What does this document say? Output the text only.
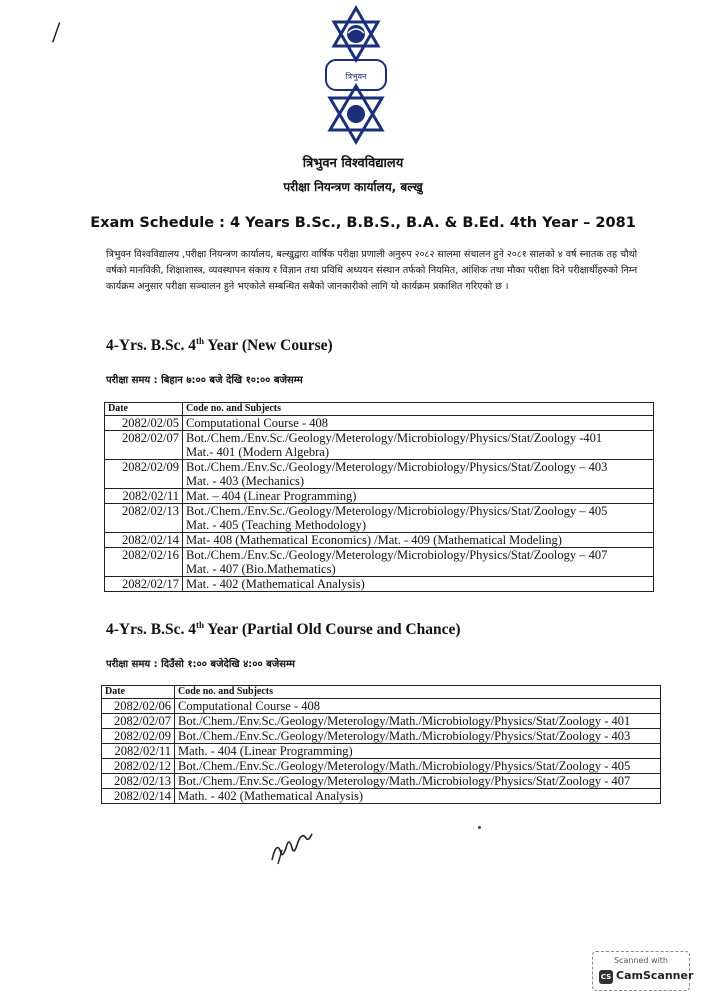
/
त्रिभुवन
त्रिभुवन विश्वविद्यालय
परीक्षा नियन्त्रण कार्यालय, बल्खु
Exam Schedule : 4 Years B.Sc., B.B.S., B.A. & B.Ed. 4th Year – 2081
त्रिभुवन विश्वविद्यालय ,परीक्षा नियन्त्रण कार्यालय, बल्खुद्वारा वार्षिक परीक्षा प्रणाली अनुरुप २०८२ सालमा संचालन हुने २०८१ सालको ४ वर्ष स्नातक तह चौथो वर्षको मानविकी, शिक्षाशास्त्र, व्यवस्थापन संकाय र विज्ञान तथा प्रविधि अध्ययन संस्थान तर्फको नियमित, आंशिक तथा मौका परीक्षा दिने परीक्षार्थीहरुको निम्न कार्यक्रम अनुसार परीक्षा सञ्चालन हुने भएकोले सम्बन्धित सबैको जानकारीको लागि यो कार्यक्रम प्रकाशित गरिएको छ ।
4-Yrs. B.Sc. 4th Year (New Course)
परीक्षा समय : बिहान ७:०० बजे देखि १०:०० बजेसम्म
Date	Code no. and Subjects
2082/02/05	Computational Course - 408

2082/02/07	Bot./Chem./Env.Sc./Geology/Meterology/Microbiology/Physics/Stat/Zoology -401
Mat.- 401 (Modern Algebra)

2082/02/09	Bot./Chem./Env.Sc./Geology/Meterology/Microbiology/Physics/Stat/Zoology – 403
Mat. - 403 (Mechanics)

2082/02/11	Mat. – 404 (Linear Programming)

2082/02/13	Bot./Chem./Env.Sc./Geology/Meterology/Microbiology/Physics/Stat/Zoology – 405
Mat. - 405 (Teaching Methodology)

2082/02/14	Mat- 408 (Mathematical Economics) /Mat. - 409 (Mathematical Modeling)

2082/02/16	Bot./Chem./Env.Sc./Geology/Meterology/Microbiology/Physics/Stat/Zoology – 407
Mat. - 407 (Bio.Mathematics)

2082/02/17	Mat. - 402 (Mathematical Analysis)
4-Yrs. B.Sc. 4th Year (Partial Old Course and Chance)
परीक्षा समय : दिउँसो १:०० बजेदेखि ४:०० बजेसम्म
Date	Code no. and Subjects
2082/02/06	Computational Course - 408
2082/02/07	Bot./Chem./Env.Sc./Geology/Meterology/Math./Microbiology/Physics/Stat/Zoology - 401
2082/02/09	Bot./Chem./Env.Sc./Geology/Meterology/Math./Microbiology/Physics/Stat/Zoology - 403
2082/02/11	Math. - 404 (Linear Programming)
2082/02/12	Bot./Chem./Env.Sc./Geology/Meterology/Math./Microbiology/Physics/Stat/Zoology - 405
2082/02/13	Bot./Chem./Env.Sc./Geology/Meterology/Math./Microbiology/Physics/Stat/Zoology - 407
2082/02/14	Math. - 402 (Mathematical Analysis)
Scanned with
CS CamScanner
